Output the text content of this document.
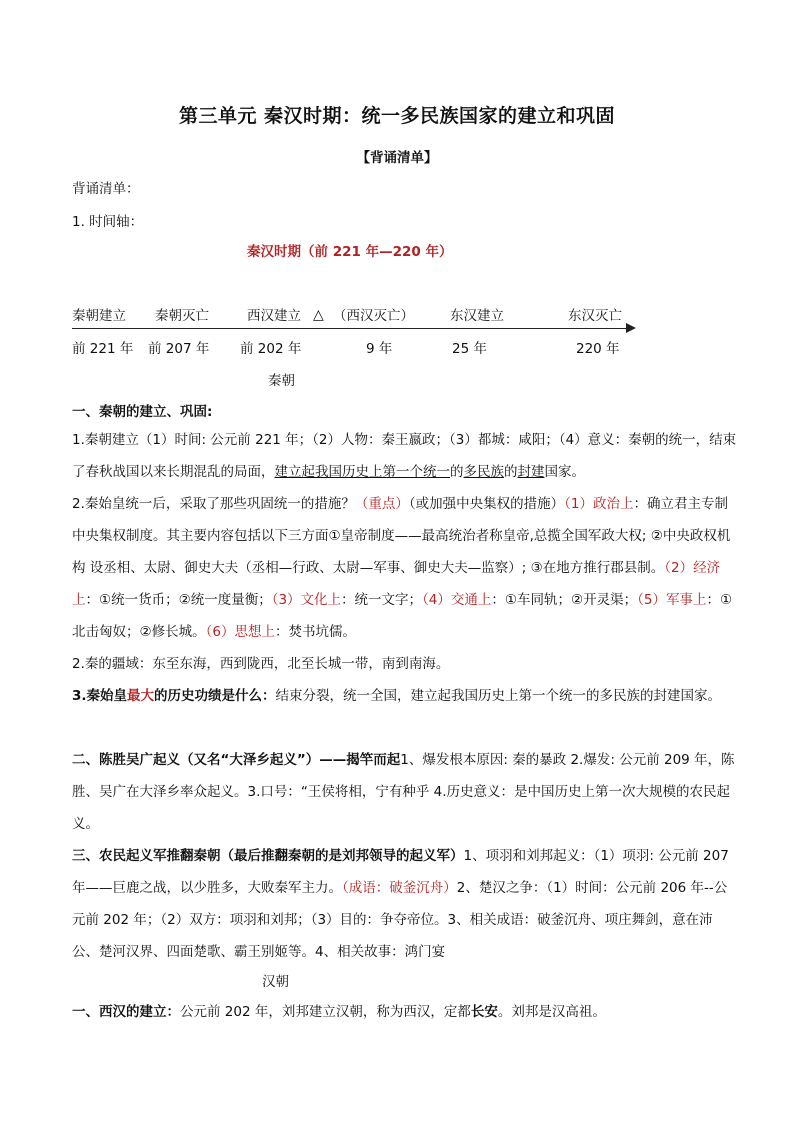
第三单元 秦汉时期：统一多民族国家的建立和巩固
【背诵清单】
背诵清单：
1. 时间轴：
秦汉时期（前 221 年—220 年）
秦朝建立 秦朝灭亡	西汉建立 △ （西汉灭亡）	东汉建立	东汉灭亡
前 221 年 前 207 年 前 202 年	9 年	25 年	220 年
秦朝
一、秦朝的建立、巩固:
1.秦朝建立（1）时间: 公元前 221 年；（2）人物：秦王嬴政；（3）都城：咸阳；（4）意义：秦朝的统一，结束了春秋战国以来长期混乱的局面，建立起我国历史上第一个统一的多民族的封建国家。
2.秦始皇统一后，采取了那些巩固统一的措施？（重点）（或加强中央集权的措施）（1）政治上：确立君主专制中央集权制度。其主要内容包括以下三方面①皇帝制度——最高统治者称皇帝,总揽全国军政大权; ②中央政权机构 设丞相、太尉、御史大夫（丞相—行政、太尉—军事、御史大夫—监察）; ③在地方推行郡县制。（2）经济上：①统一货币；②统一度量衡；（3）文化上：统一文字；（4）交通上：①车同轨；②开灵渠；（5）军事上：①北击匈奴；②修长城。（6）思想上：焚书坑儒。
2.秦的疆域：东至东海，西到陇西，北至长城一带，南到南海。
3.秦始皇最大的历史功绩是什么：结束分裂，统一全国，建立起我国历史上第一个统一的多民族的封建国家。
二、陈胜吴广起义（又名“大泽乡起义”）——揭竿而起1、爆发根本原因: 秦的暴政 2.爆发: 公元前 209 年，陈胜、吴广在大泽乡率众起义。3.口号：“王侯将相，宁有种乎 4.历史意义：是中国历史上第一次大规模的农民起义。
三、农民起义军推翻秦朝（最后推翻秦朝的是刘邦领导的起义军）1、项羽和刘邦起义：（1）项羽: 公元前 207 年——巨鹿之战，以少胜多，大败秦军主力。（成语：破釜沉舟）2、楚汉之争：（1）时间：公元前 206 年--公元前 202 年；（2）双方：项羽和刘邦；（3）目的：争夺帝位。3、相关成语：破釜沉舟、项庄舞剑，意在沛公、楚河汉界、四面楚歌、霸王别姬等。4、相关故事：鸿门宴
汉朝
一、西汉的建立：公元前 202 年，刘邦建立汉朝，称为西汉，定都长安。刘邦是汉高祖。
